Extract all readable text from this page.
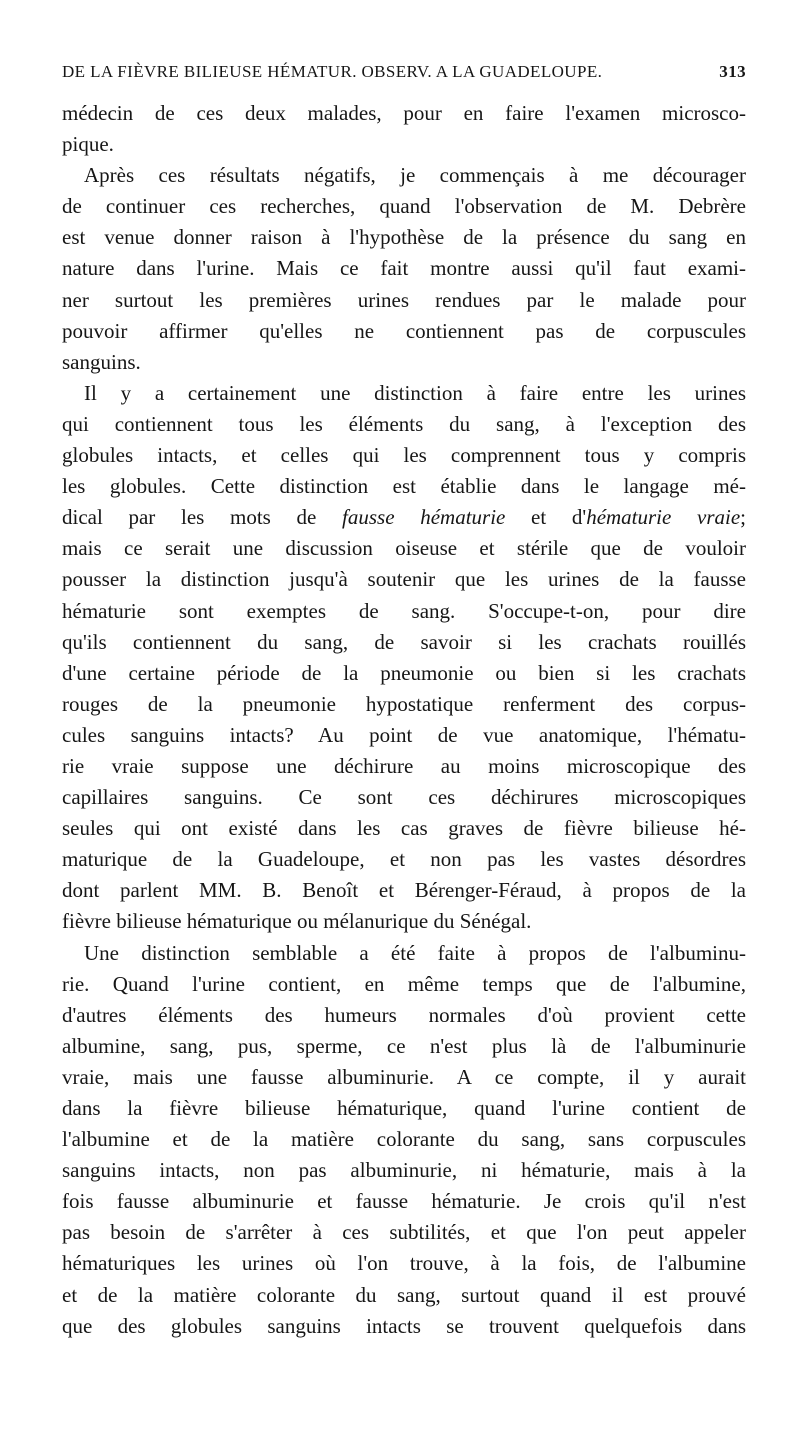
DE LA FIÈVRE BILIEUSE HÉMATUR. OBSERV. A LA GUADELOUPE.	313
médecin de ces deux malades, pour en faire l'examen microsco-
pique.
Après ces résultats négatifs, je commençais à me décourager
de continuer ces recherches, quand l'observation de M. Debrère
est venue donner raison à l'hypothèse de la présence du sang en
nature dans l'urine. Mais ce fait montre aussi qu'il faut exami-
ner surtout les premières urines rendues par le malade pour
pouvoir affirmer qu'elles ne contiennent pas de corpuscules
sanguins.
Il y a certainement une distinction à faire entre les urines
qui contiennent tous les éléments du sang, à l'exception des
globules intacts, et celles qui les comprennent tous y compris
les globules. Cette distinction est établie dans le langage mé-
dical par les mots de fausse hématurie et d'hématurie vraie;
mais ce serait une discussion oiseuse et stérile que de vouloir
pousser la distinction jusqu'à soutenir que les urines de la fausse
hématurie sont exemptes de sang. S'occupe-t-on, pour dire
qu'ils contiennent du sang, de savoir si les crachats rouillés
d'une certaine période de la pneumonie ou bien si les crachats
rouges de la pneumonie hypostatique renferment des corpus-
cules sanguins intacts? Au point de vue anatomique, l'hématu-
rie vraie suppose une déchirure au moins microscopique des
capillaires sanguins. Ce sont ces déchirures microscopiques
seules qui ont existé dans les cas graves de fièvre bilieuse hé-
maturique de la Guadeloupe, et non pas les vastes désordres
dont parlent MM. B. Benoît et Bérenger-Féraud, à propos de la
fièvre bilieuse hématurique ou mélanurique du Sénégal.
Une distinction semblable a été faite à propos de l'albuminu-
rie. Quand l'urine contient, en même temps que de l'albumine,
d'autres éléments des humeurs normales d'où provient cette
albumine, sang, pus, sperme, ce n'est plus là de l'albuminurie
vraie, mais une fausse albuminurie. A ce compte, il y aurait
dans la fièvre bilieuse hématurique, quand l'urine contient de
l'albumine et de la matière colorante du sang, sans corpuscules
sanguins intacts, non pas albuminurie, ni hématurie, mais à la
fois fausse albuminurie et fausse hématurie. Je crois qu'il n'est
pas besoin de s'arrêter à ces subtilités, et que l'on peut appeler
hématuriques les urines où l'on trouve, à la fois, de l'albumine
et de la matière colorante du sang, surtout quand il est prouvé
que des globules sanguins intacts se trouvent quelquefois dans
